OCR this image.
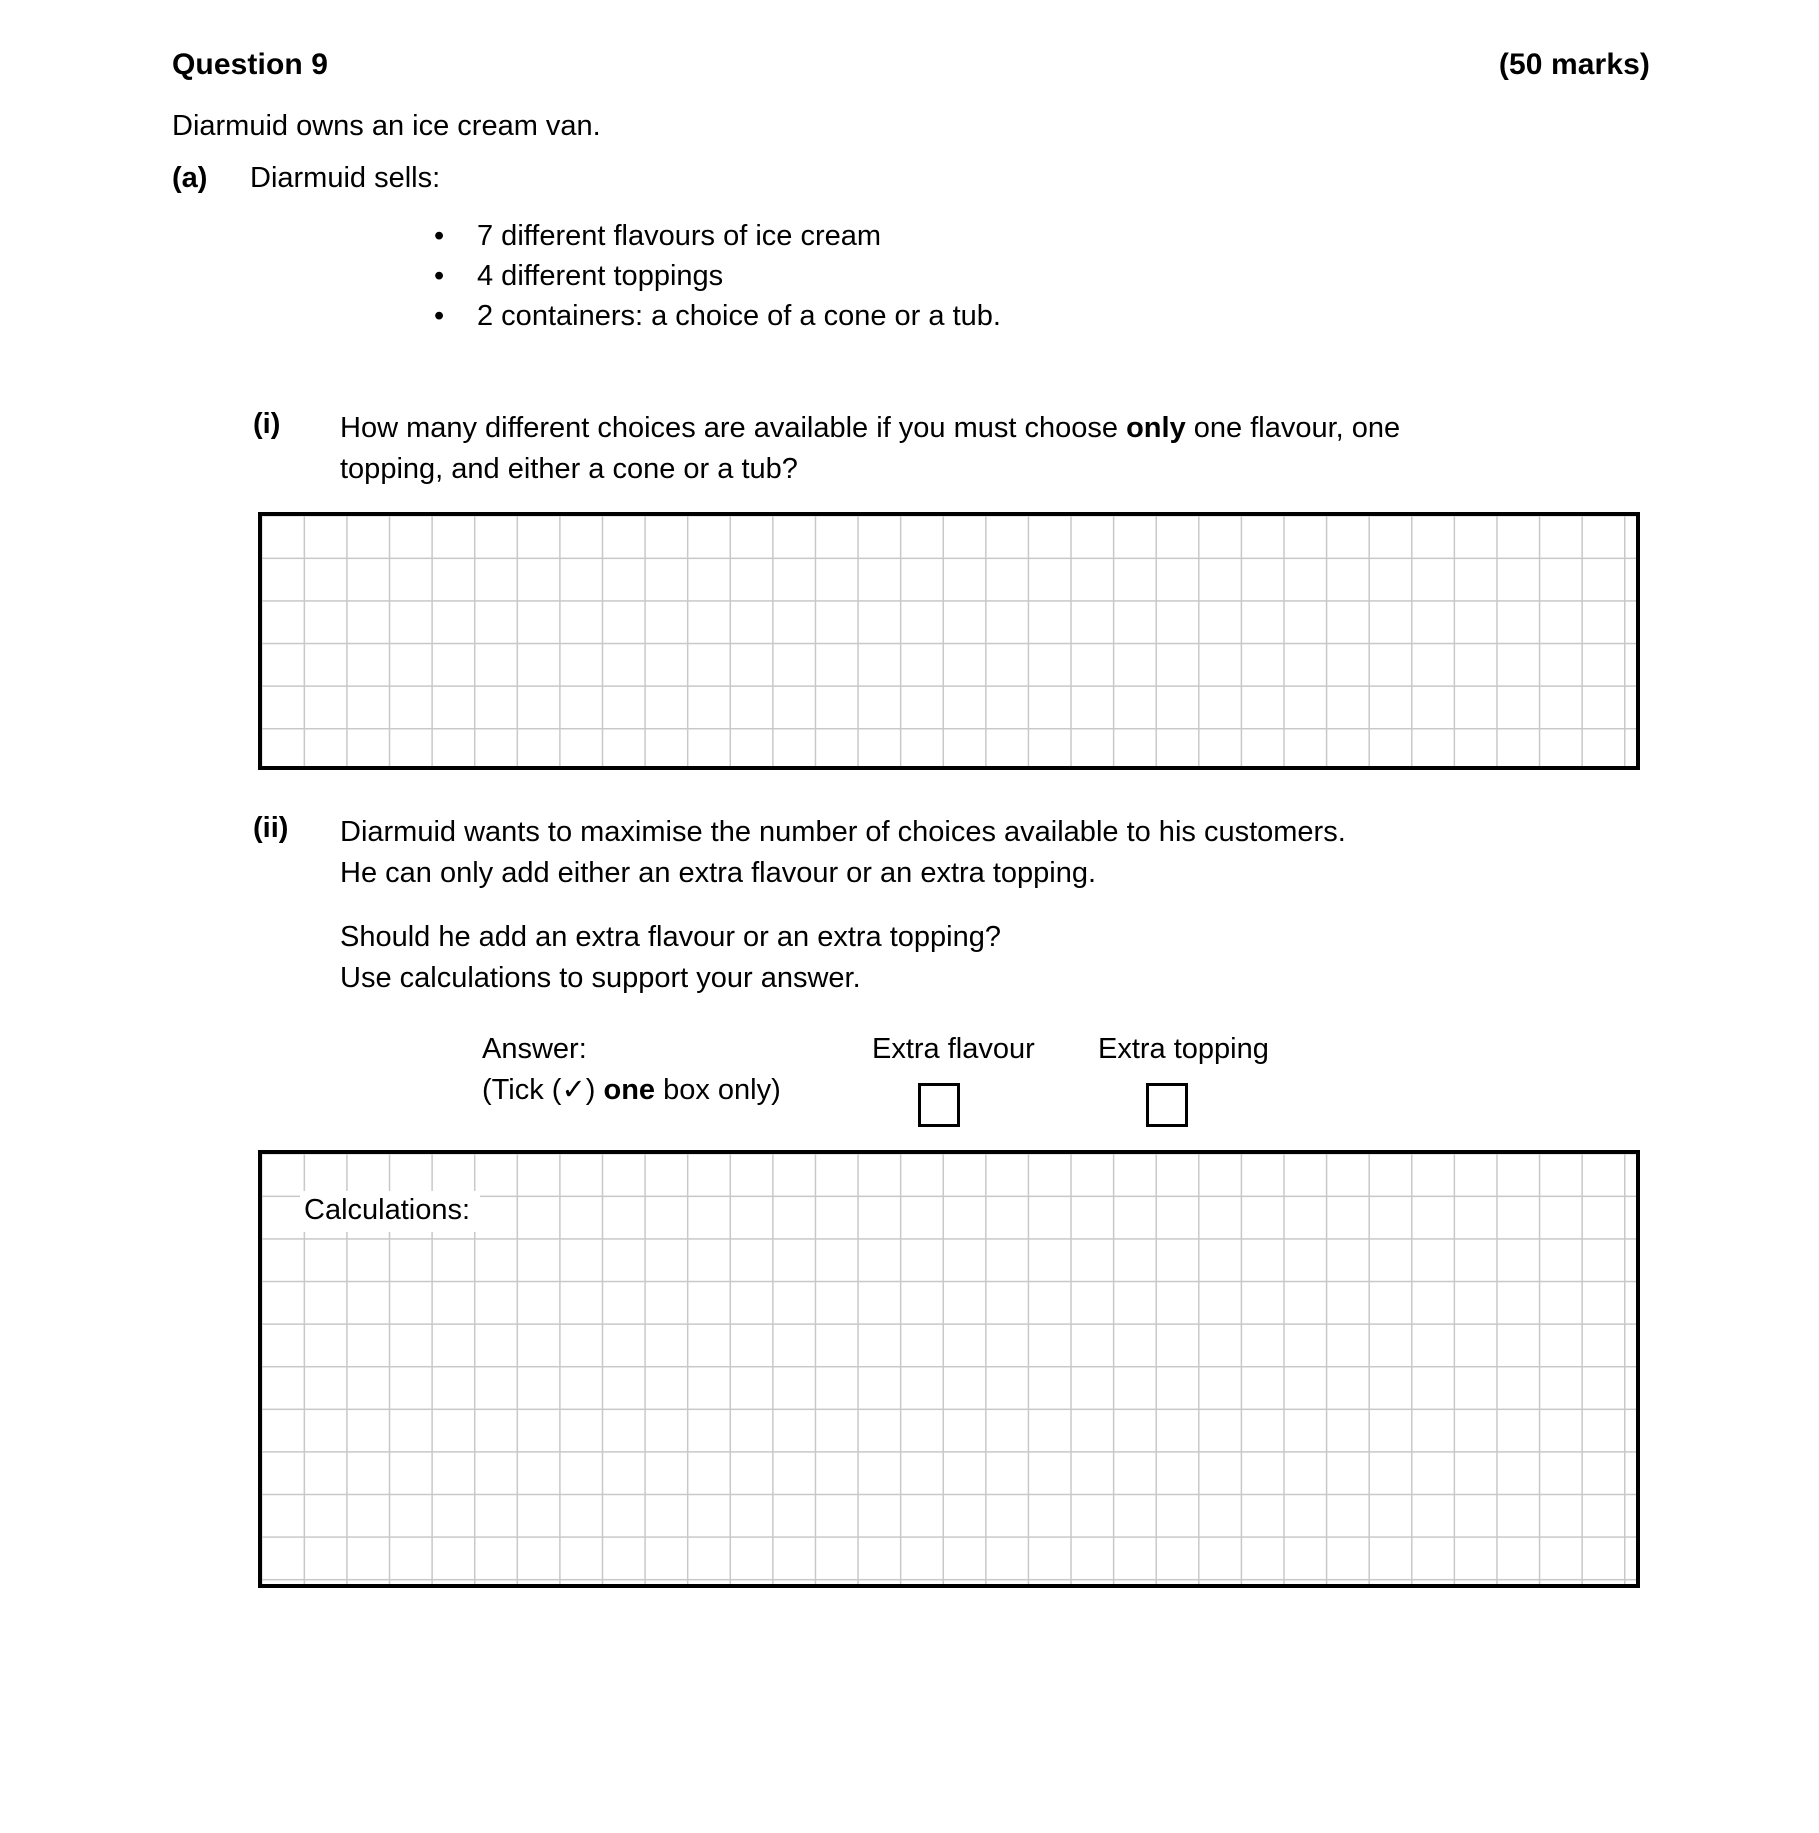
Question 9	(50 marks)
Diarmuid owns an ice cream van.
(a)	Diarmuid sells:
• 7 different flavours of ice cream
• 4 different toppings
• 2 containers: a choice of a cone or a tub.
(i)	How many different choices are available if you must choose only one flavour, one
topping, and either a cone or a tub?
(ii)	Diarmuid wants to maximise the number of choices available to his customers.
He can only add either an extra flavour or an extra topping.
Should he add an extra flavour or an extra topping?
Use calculations to support your answer.
Answer:
(Tick (✓) one box only)
Extra flavour Extra topping
Calculations:
